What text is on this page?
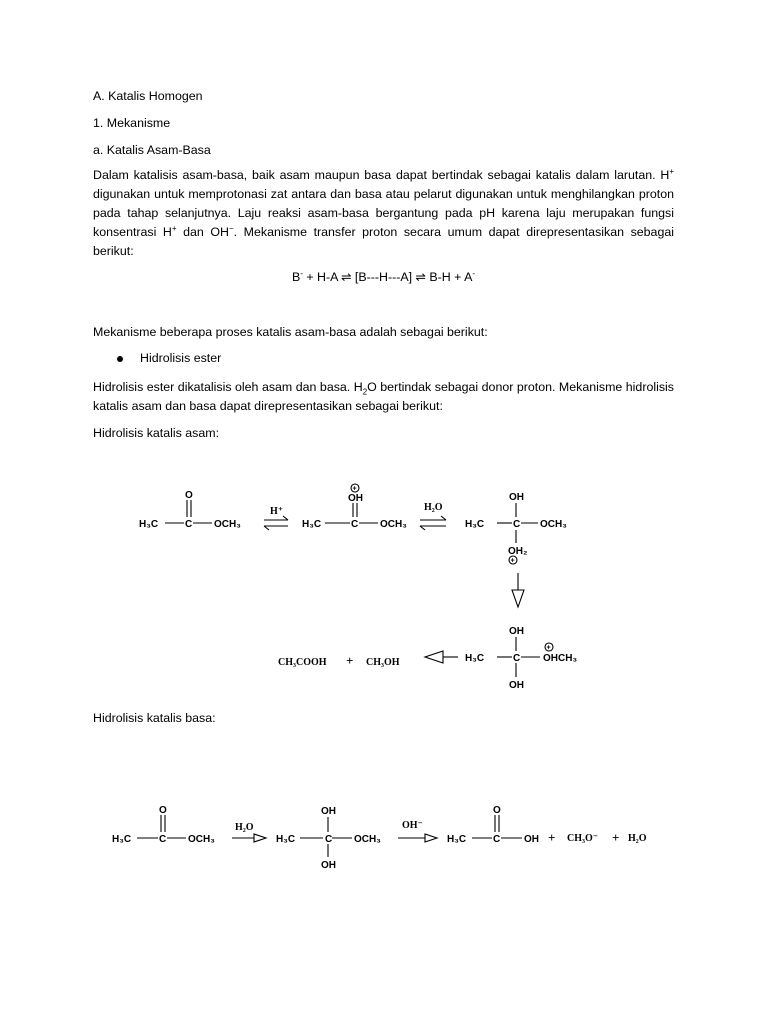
A. Katalis Homogen
1. Mekanisme
a. Katalis Asam-Basa
Dalam katalisis asam-basa, baik asam maupun basa dapat bertindak sebagai katalis dalam larutan. H+ digunakan untuk memprotonasi zat antara dan basa atau pelarut digunakan untuk menghilangkan proton pada tahap selanjutnya. Laju reaksi asam-basa bergantung pada pH karena laju merupakan fungsi konsentrasi H+ dan OH−. Mekanisme transfer proton secara umum dapat direpresentasikan sebagai berikut:
B- + H-A ⇌ [B---H---A] ⇌ B-H + A-
Mekanisme beberapa proses katalis asam-basa adalah sebagai berikut:
Hidrolisis ester
Hidrolisis ester dikatalisis oleh asam dan basa. $H_2O$ bertindak sebagai donor proton. Mekanisme hidrolisis katalis asam dan basa dapat direpresentasikan sebagai berikut:
Hidrolisis katalis asam:
H₃C	C
O
OCH₃	H₃C	C
OH
OCH₃	H₃C	C
OH
OCH₃
OH₂
H₃C	C
OH
OH
OHCH₃
+
+
+
H⁺	H₂O
CH₃COOH + CH₃OH
Hidrolisis katalis basa:
H₃C	C
O
OCH₃	H₃C	C
OH
OH
OCH₃	H₃C	C
O
OH
H₂O	OH⁻
+ CH₃O⁻ + H₂O
